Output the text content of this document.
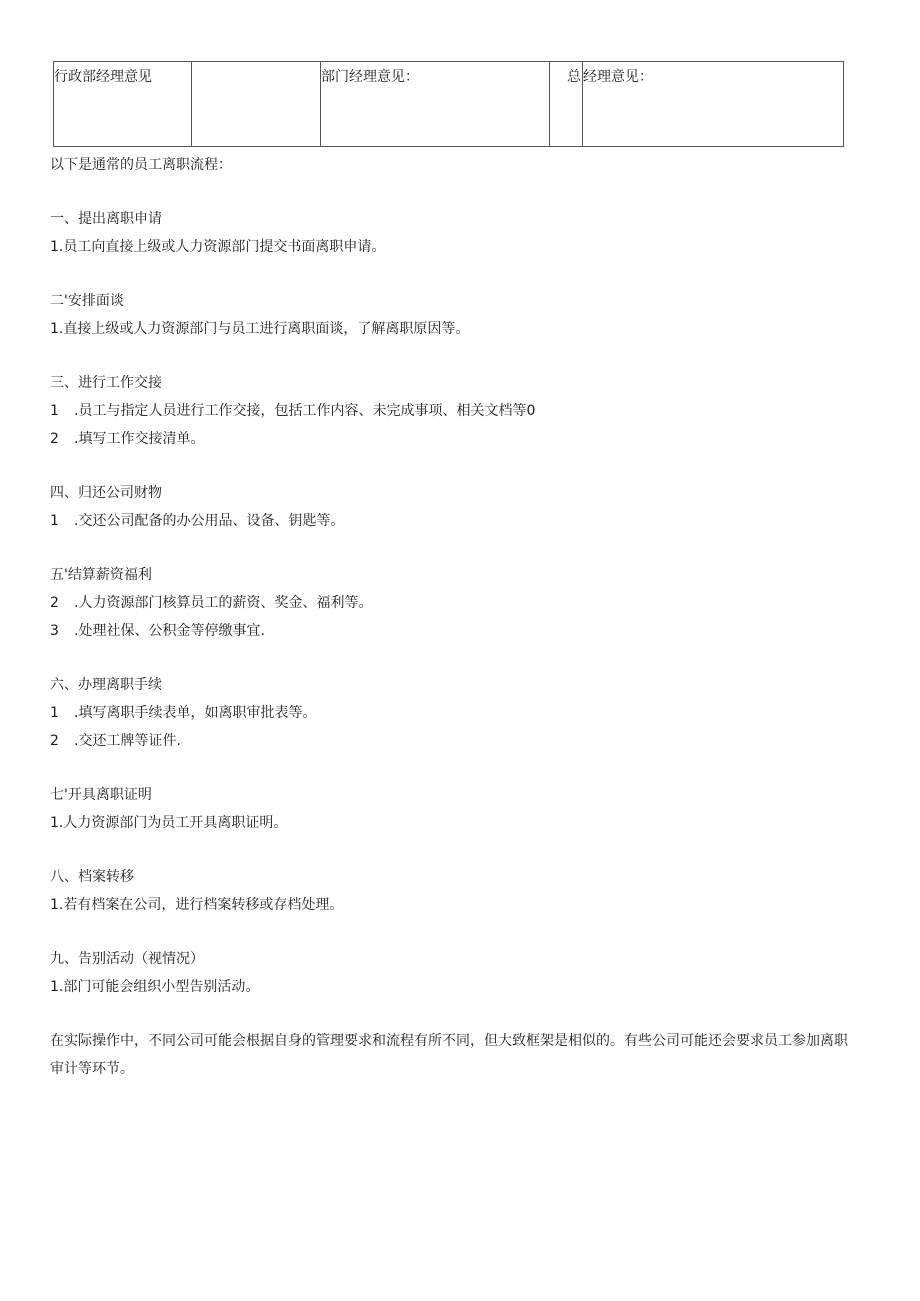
行政部经理意见		部门经理意见：	总	经理意见：

以下是通常的员工离职流程：

一、提出离职申请

1.员工向直接上级或人力资源部门提交书面离职申请。

二'安排面谈

1.直接上级或人力资源部门与员工进行离职面谈，了解离职原因等。

三、进行工作交接

1 .员工与指定人员进行工作交接，包括工作内容、未完成事项、相关文档等0

2 .填写工作交接清单。

四、归还公司财物

1 .交还公司配备的办公用品、设备、钥匙等。

五'结算薪资福利

2 .人力资源部门核算员工的薪资、奖金、福利等。

3 .处理社保、公积金等停缴事宜.

六、办理离职手续

1 .填写离职手续表单，如离职审批表等。

2 .交还工牌等证件.

七'开具离职证明

1.人力资源部门为员工开具离职证明。

八、档案转移

1.若有档案在公司，进行档案转移或存档处理。

九、告别活动（视情况）

1.部门可能会组织小型告别活动。

在实际操作中，不同公司可能会根据自身的管理要求和流程有所不同，但大致框架是相似的。有些公司可能还会要求员工参加离职审计等环节。
